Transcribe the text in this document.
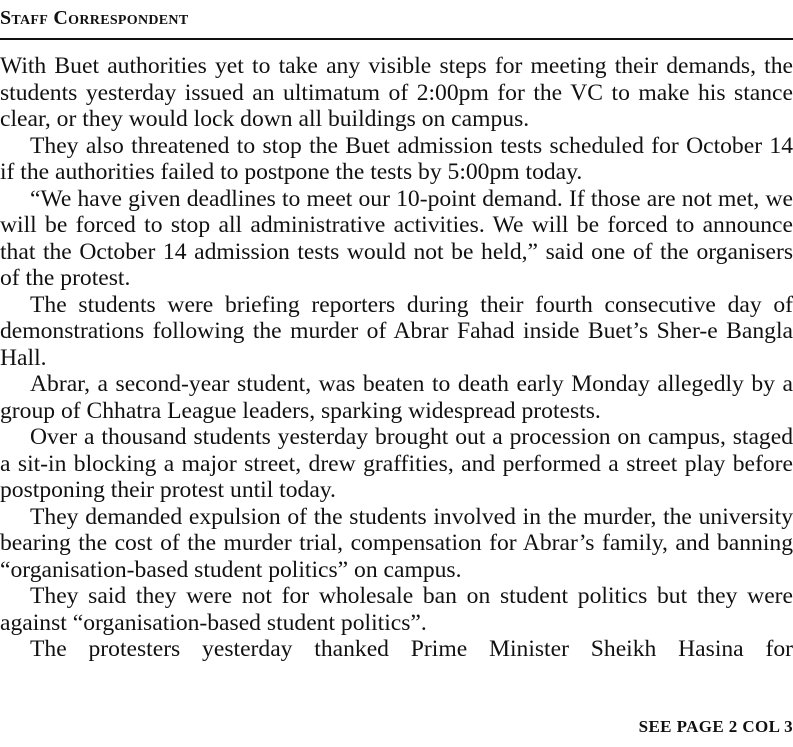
Staff Correspondent

With Buet authorities yet to take any visible steps for meeting their demands, the students yesterday issued an ultimatum of 2:00pm for the VC to make his stance clear, or they would lock down all buildings on campus.

They also threatened to stop the Buet admission tests scheduled for October 14 if the authorities failed to postpone the tests by 5:00pm today.

“We have given deadlines to meet our 10-point demand. If those are not met, we will be forced to stop all administrative activities. We will be forced to announce that the October 14 admission tests would not be held,” said one of the organisers of the protest.

The students were briefing reporters during their fourth consecutive day of demonstrations following the murder of Abrar Fahad inside Buet’s Sher-e Bangla Hall.

Abrar, a second-year student, was beaten to death early Monday allegedly by a group of Chhatra League leaders, sparking widespread protests.

Over a thousand students yesterday brought out a procession on campus, staged a sit-in blocking a major street, drew graffities, and performed a street play before postponing their protest until today.

They demanded expulsion of the students involved in the murder, the university bearing the cost of the murder trial, compensation for Abrar’s family, and banning “organisation-based student politics” on campus.

They said they were not for wholesale ban on student politics but they were against “organisation-based student politics”.

The protesters yesterday thanked Prime Minister Sheikh Hasina for

SEE PAGE 2 COL 3
